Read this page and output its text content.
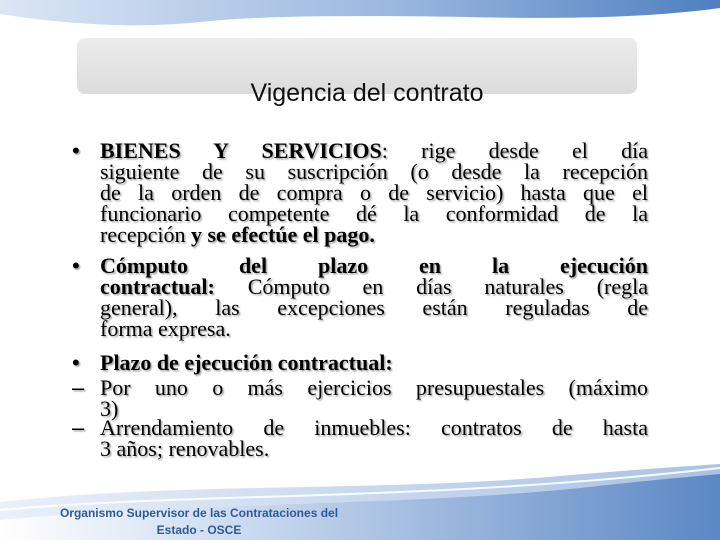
Vigencia del contrato
• BIENES Y SERVICIOS: rige desde el día
siguiente de su suscripción (o desde la recepción
de la orden de compra o de servicio) hasta que el
funcionario competente dé la conformidad de la
recepción y se efectúe el pago.
• Cómputo del plazo en la ejecución
contractual: Cómputo en días naturales (regla
general), las excepciones están reguladas de
forma expresa.
• Plazo de ejecución contractual:
– Por uno o más ejercicios presupuestales (máximo
3)
– Arrendamiento de inmuebles: contratos de hasta
3 años; renovables.
Organismo Supervisor de las Contrataciones del
Estado - OSCE
